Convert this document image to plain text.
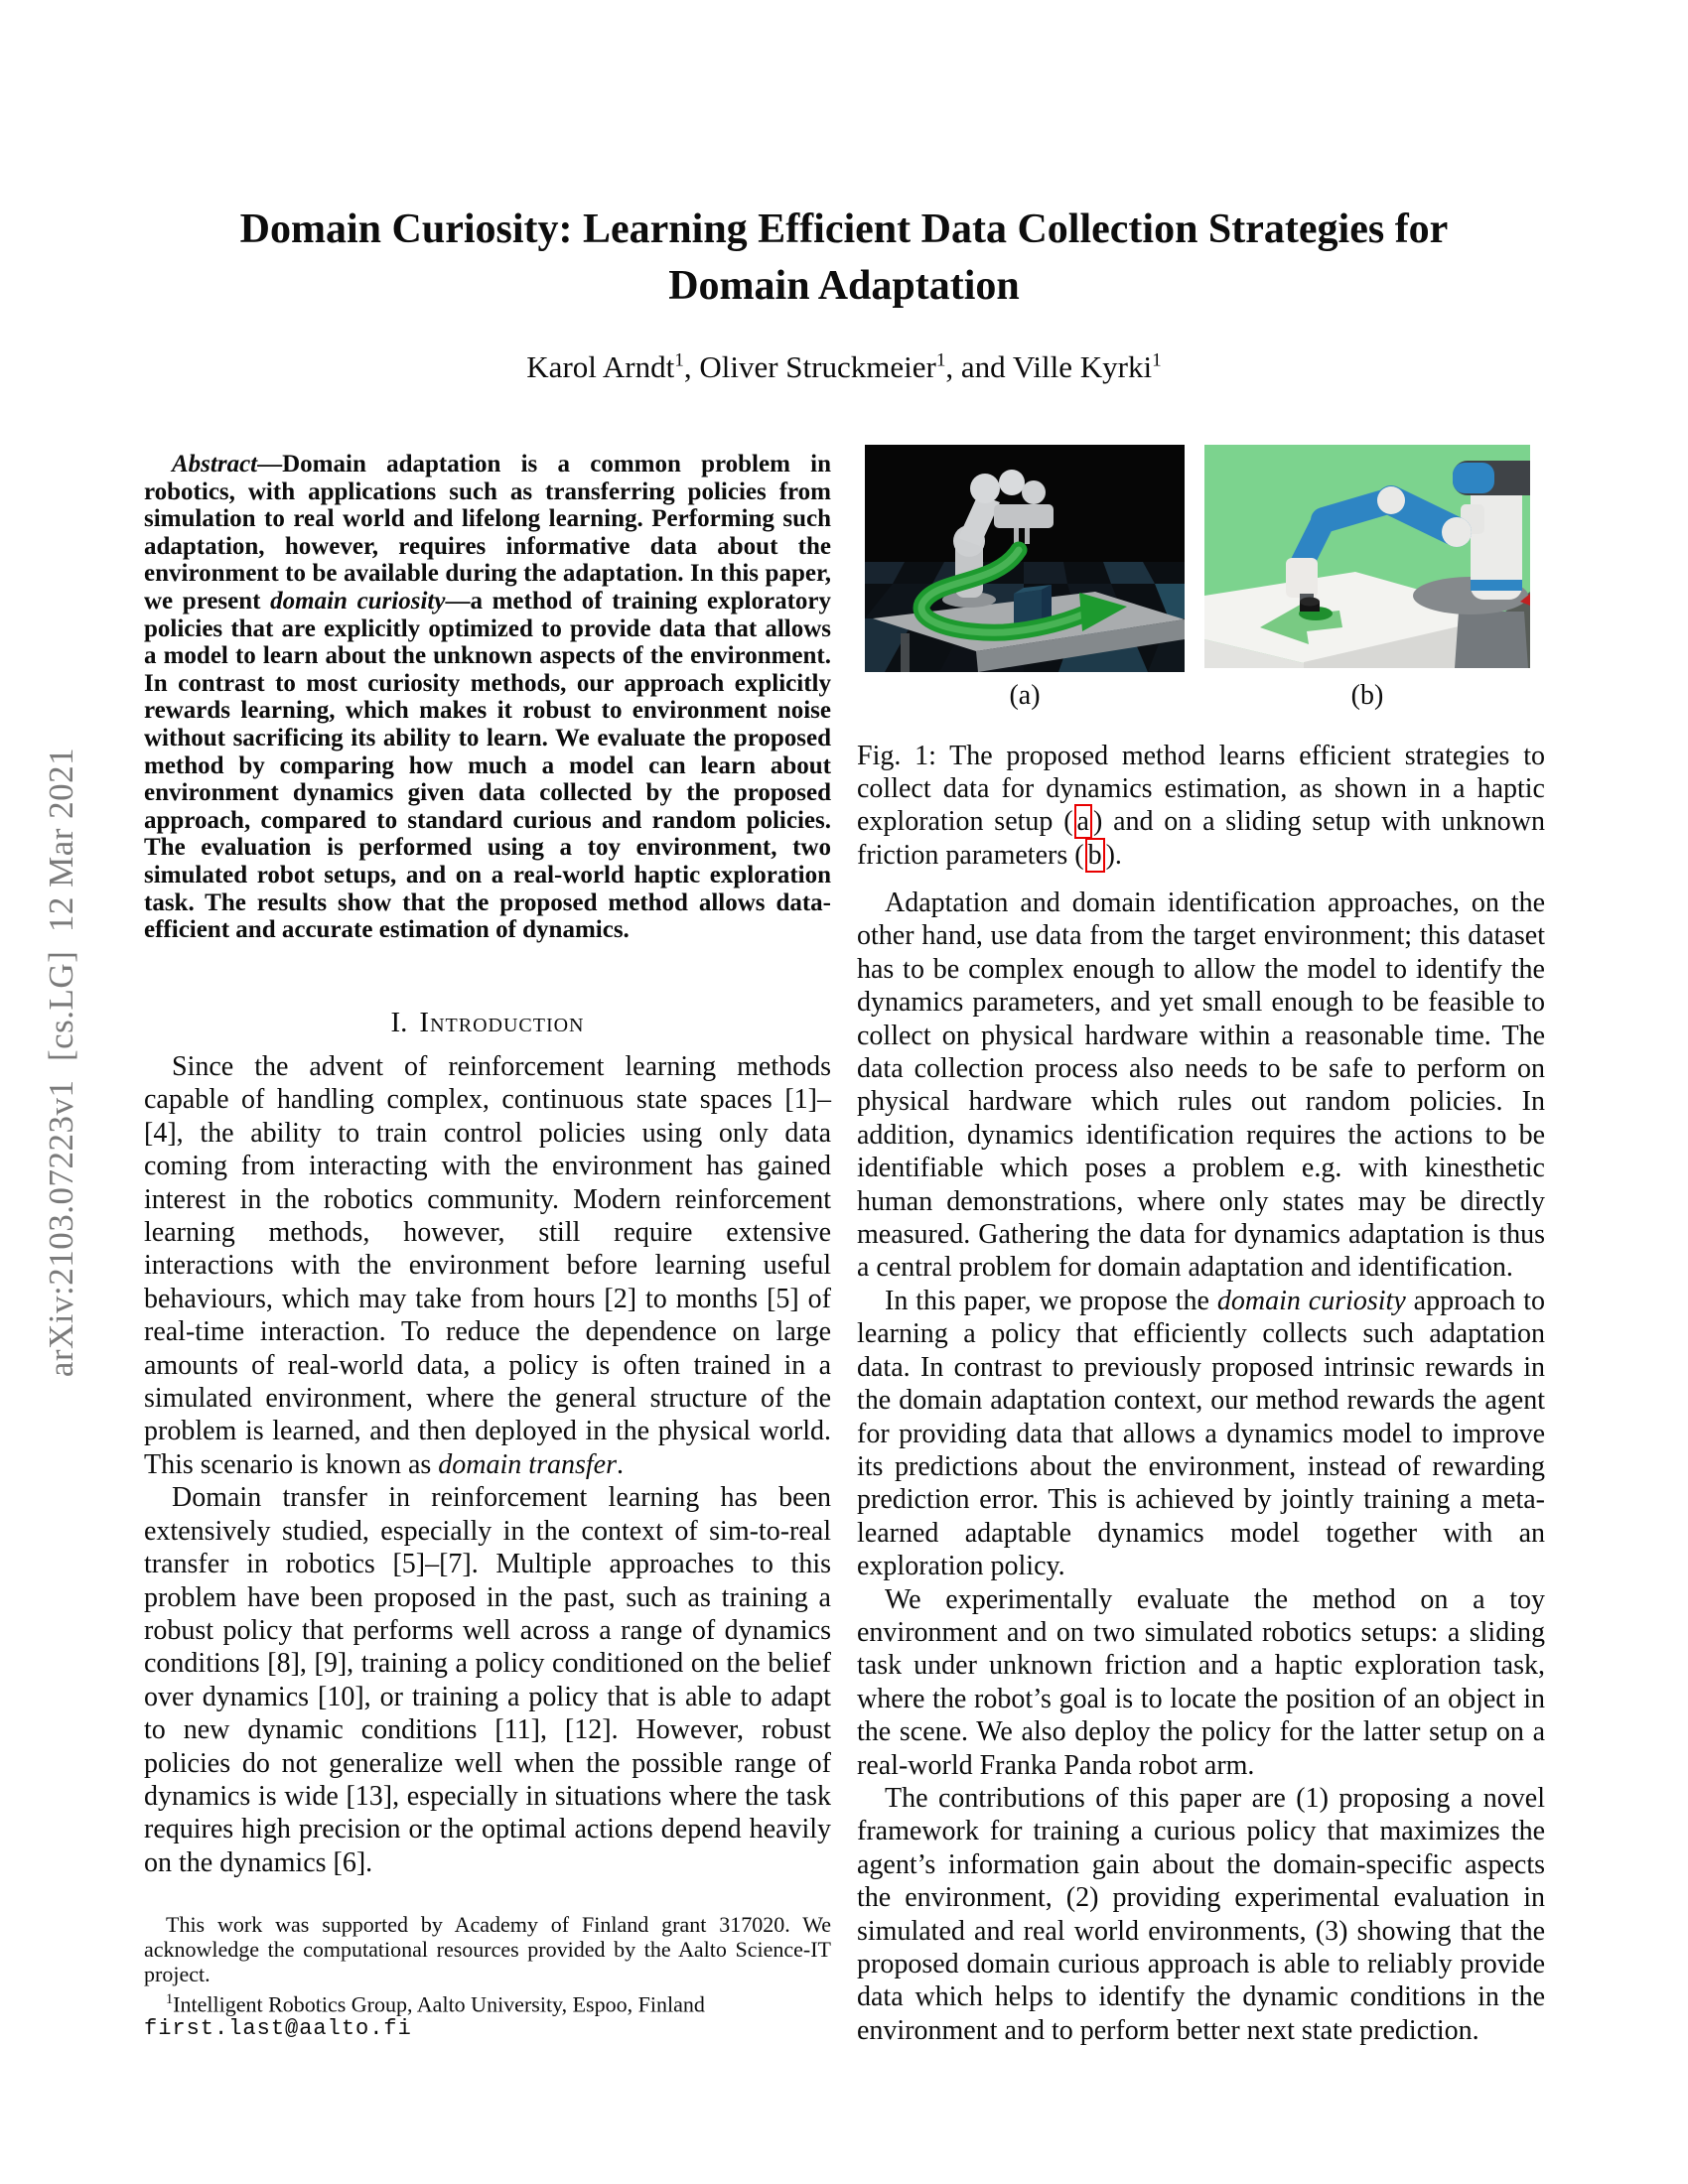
arXiv:2103.07223v1  [cs.LG]  12 Mar 2021
Domain Curiosity: Learning Efficient Data Collection Strategies for
Domain Adaptation
Karol Arndt$^1$, Oliver Struckmeier$^1$, and Ville Kyrki$^1$

Abstract—Domain adaptation is a common problem in robotics, with applications such as transferring policies from simulation to real world and lifelong learning. Performing such adaptation, however, requires informative data about the environment to be available during the adaptation. In this paper, we present domain curiosity—a method of training exploratory policies that are explicitly optimized to provide data that allows a model to learn about the unknown aspects of the environment. In contrast to most curiosity methods, our approach explicitly rewards learning, which makes it robust to environment noise without sacrificing its ability to learn. We evaluate the proposed method by comparing how much a model can learn about environment dynamics given data collected by the proposed approach, compared to standard curious and random policies. The evaluation is performed using a toy environment, two simulated robot setups, and on a real-world haptic exploration task. The results show that the proposed method allows data-efficient and accurate estimation of dynamics.

I. Introduction

Since the advent of reinforcement learning methods capable of handling complex, continuous state spaces [1]–[4], the ability to train control policies using only data coming from interacting with the environment has gained interest in the robotics community. Modern reinforcement learning methods, however, still require extensive interactions with the environment before learning useful behaviours, which may take from hours [2] to months [5] of real-time interaction. To reduce the dependence on large amounts of real-world data, a policy is often trained in a simulated environment, where the general structure of the problem is learned, and then deployed in the physical world. This scenario is known as domain transfer.

Domain transfer in reinforcement learning has been extensively studied, especially in the context of sim-to-real transfer in robotics [5]–[7]. Multiple approaches to this problem have been proposed in the past, such as training a robust policy that performs well across a range of dynamics conditions [8], [9], training a policy conditioned on the belief over dynamics [10], or training a policy that is able to adapt to new dynamic conditions [11], [12]. However, robust policies do not generalize well when the possible range of dynamics is wide [13], especially in situations where the task requires high precision or the optimal actions depend heavily on the dynamics [6].

This work was supported by Academy of Finland grant 317020. We acknowledge the computational resources provided by the Aalto Science-IT project.

$^1$Intelligent Robotics Group, Aalto University, Espoo, Finland

first.last@aalto.fi
(a)	(b)

Fig. 1: The proposed method learns efficient strategies to collect data for dynamics estimation, as shown in a haptic exploration setup ( a ) and on a sliding setup with unknown friction parameters ( b ).

Adaptation and domain identification approaches, on the other hand, use data from the target environment; this dataset has to be complex enough to allow the model to identify the dynamics parameters, and yet small enough to be feasible to collect on physical hardware within a reasonable time. The data collection process also needs to be safe to perform on physical hardware which rules out random policies. In addition, dynamics identification requires the actions to be identifiable which poses a problem e.g. with kinesthetic human demonstrations, where only states may be directly measured. Gathering the data for dynamics adaptation is thus a central problem for domain adaptation and identification.

In this paper, we propose the domain curiosity approach to learning a policy that efficiently collects such adaptation data. In contrast to previously proposed intrinsic rewards in the domain adaptation context, our method rewards the agent for providing data that allows a dynamics model to improve its predictions about the environment, instead of rewarding prediction error. This is achieved by jointly training a meta-learned adaptable dynamics model together with an exploration policy.

We experimentally evaluate the method on a toy environment and on two simulated robotics setups: a sliding task under unknown friction and a haptic exploration task, where the robot’s goal is to locate the position of an object in the scene. We also deploy the policy for the latter setup on a real-world Franka Panda robot arm.

The contributions of this paper are (1) proposing a novel framework for training a curious policy that maximizes the agent’s information gain about the domain-specific aspects the environment, (2) providing experimental evaluation in simulated and real world environments, (3) showing that the proposed domain curious approach is able to reliably provide data which helps to identify the dynamic conditions in the environment and to perform better next state prediction.
